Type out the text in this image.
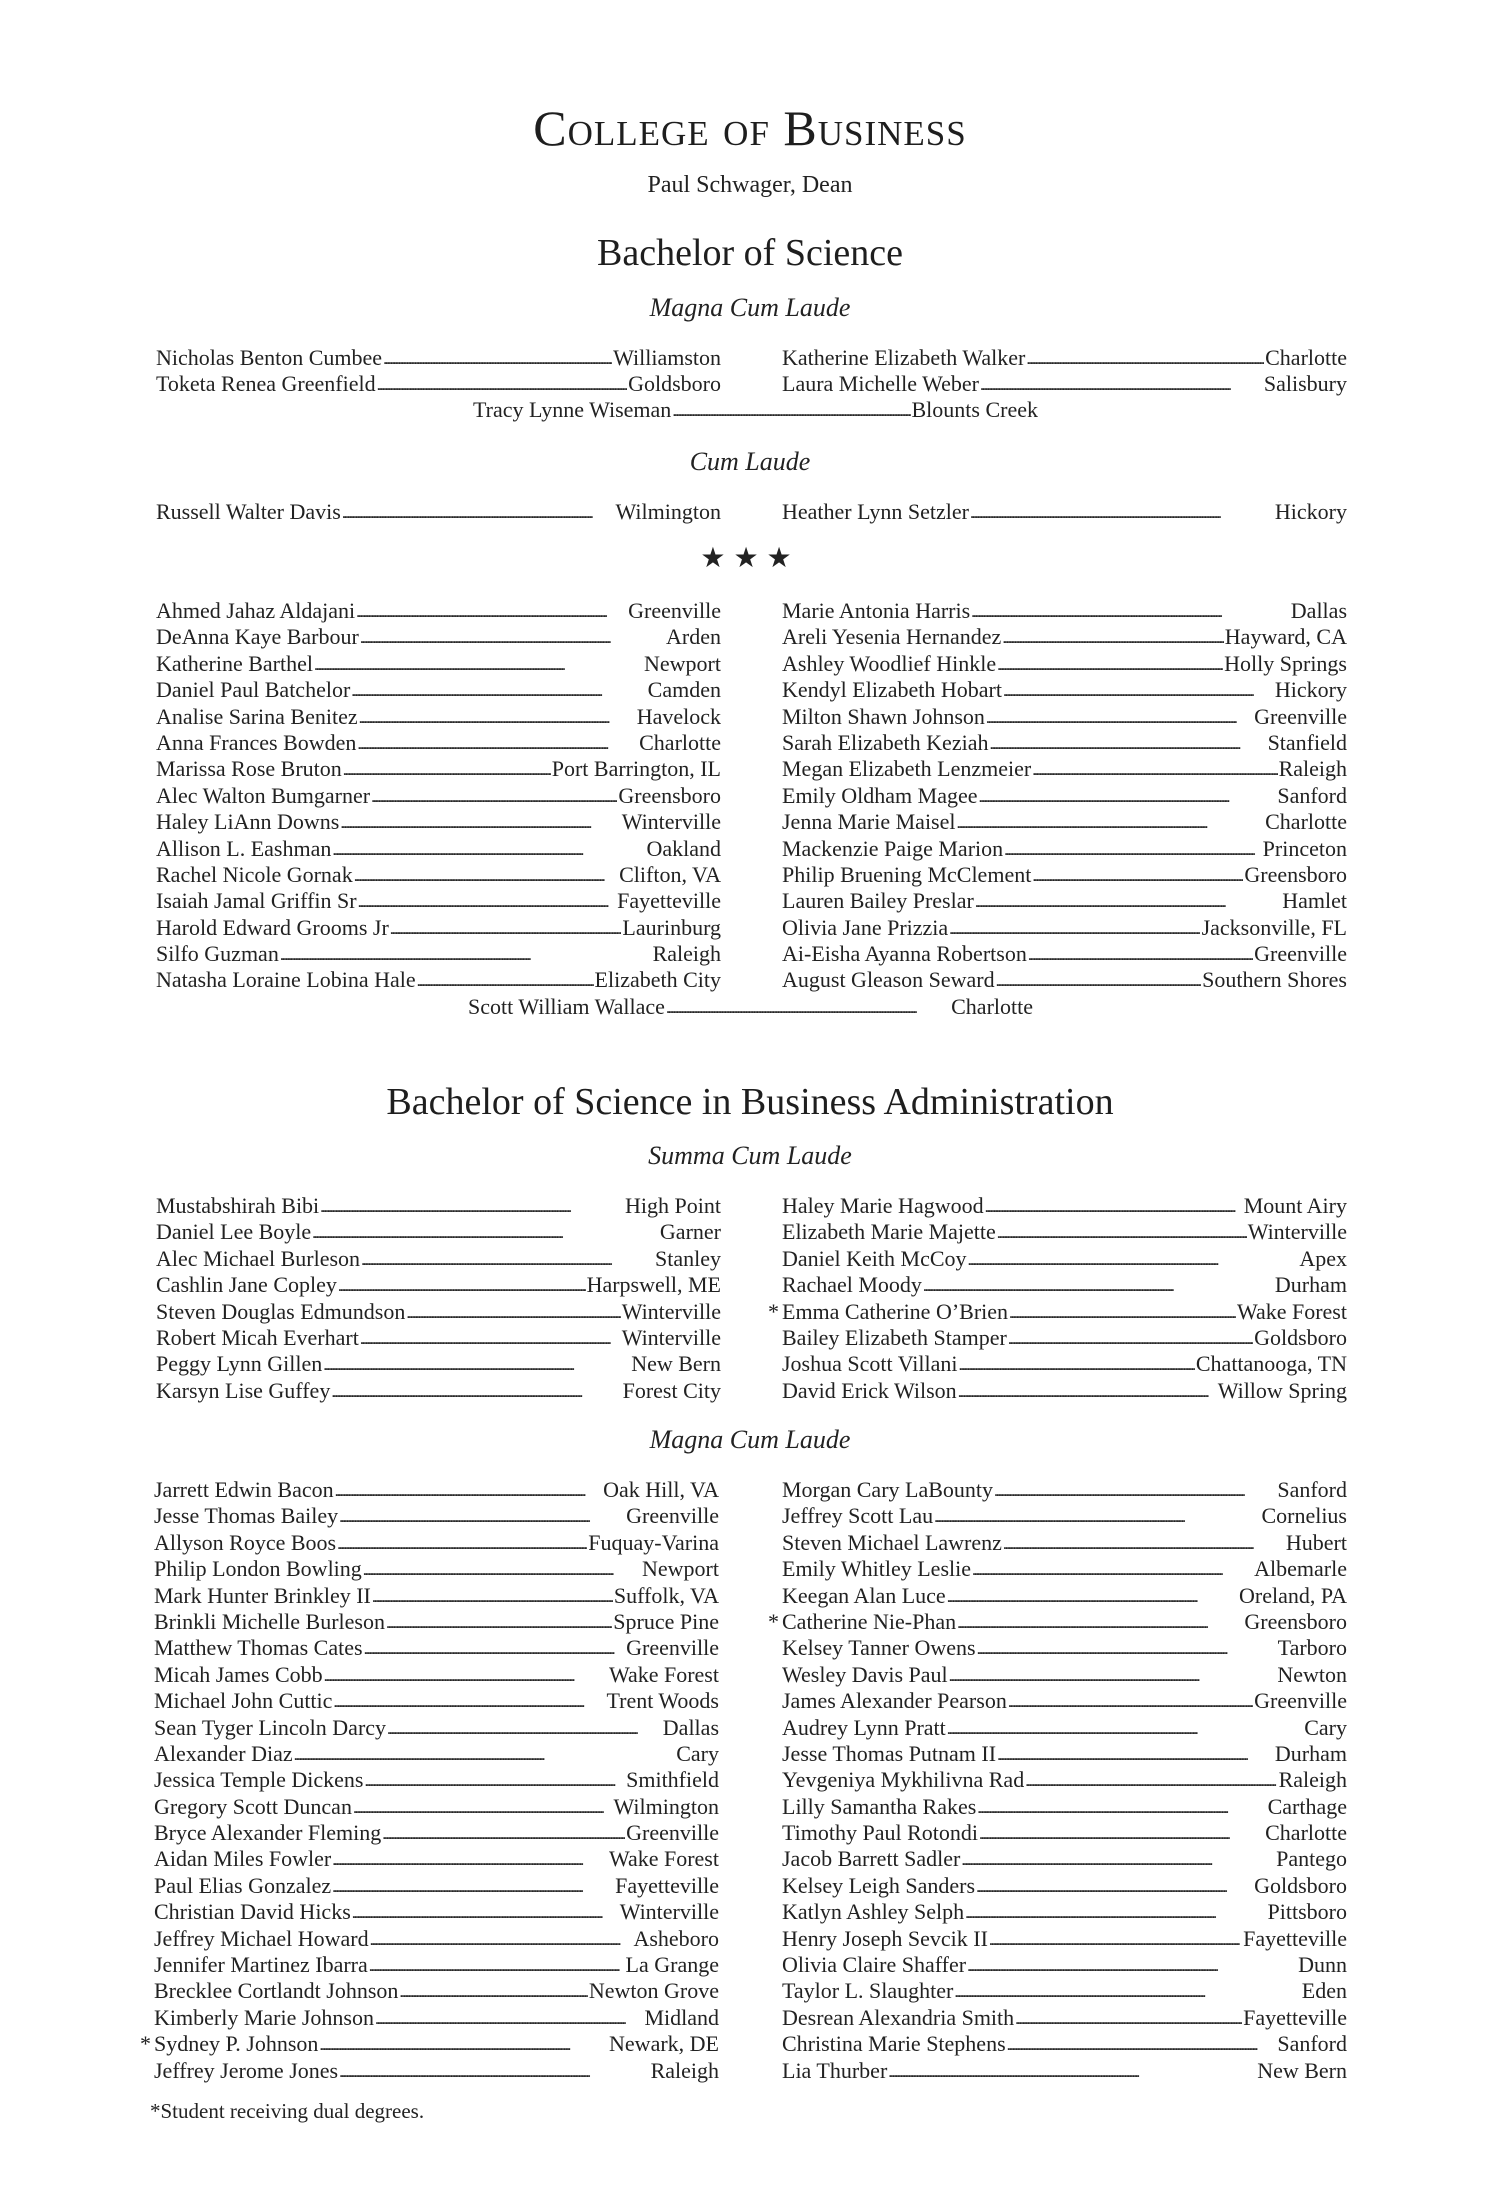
College of Business
Paul Schwager, Dean
Bachelor of Science
Magna Cum Laude
Nicholas Benton Cumbee . . .	Williamston
Toketa Renea Greenfield . . .	Goldsboro
Katherine Elizabeth Walker . . .	Charlotte
Laura Michelle Weber . . .	Salisbury
Tracy Lynne Wiseman . . .	Blounts Creek
Cum Laude
Russell Walter Davis . . .	Wilmington	Heather Lynn Setzler . . .	Hickory
★★★
Ahmed Jahaz Aldajani . . .	Greenville
DeAnna Kaye Barbour . . .	Arden
Katherine Barthel . . .	Newport
Daniel Paul Batchelor . . .	Camden
Analise Sarina Benitez . . .	Havelock
Anna Frances Bowden . . .	Charlotte
Marissa Rose Bruton . . .	Port Barrington, IL
Alec Walton Bumgarner . . .	Greensboro
Haley LiAnn Downs . . .	Winterville
Allison L. Eashman . . .	Oakland
Rachel Nicole Gornak . . .	Clifton, VA
Isaiah Jamal Griffin Sr . . .	Fayetteville
Harold Edward Grooms Jr . . .	Laurinburg
Silfo Guzman . . .	Raleigh
Natasha Loraine Lobina Hale . . .	Elizabeth City
Marie Antonia Harris . . .	Dallas
Areli Yesenia Hernandez . . .	Hayward, CA
Ashley Woodlief Hinkle . . .	Holly Springs
Kendyl Elizabeth Hobart . . .	Hickory
Milton Shawn Johnson . . .	Greenville
Sarah Elizabeth Keziah . . .	Stanfield
Megan Elizabeth Lenzmeier . . .	Raleigh
Emily Oldham Magee . . .	Sanford
Jenna Marie Maisel . . .	Charlotte
Mackenzie Paige Marion . . .	Princeton
Philip Bruening McClement . . .	Greensboro
Lauren Bailey Preslar . . .	Hamlet
Olivia Jane Prizzia . . .	Jacksonville, FL
Ai-Eisha Ayanna Robertson . . .	Greenville
August Gleason Seward . . .	Southern Shores
Scott William Wallace . . .	Charlotte
Bachelor of Science in Business Administration
Summa Cum Laude
Mustabshirah Bibi . . .	High Point
Daniel Lee Boyle . . .	Garner
Alec Michael Burleson . . .	Stanley
Cashlin Jane Copley . . .	Harpswell, ME
Steven Douglas Edmundson . . .	Winterville
Robert Micah Everhart . . .	Winterville
Peggy Lynn Gillen . . .	New Bern
Karsyn Lise Guffey . . .	Forest City
Haley Marie Hagwood . . .	Mount Airy
Elizabeth Marie Majette . . .	Winterville
Daniel Keith McCoy . . .	Apex
Rachael Moody . . .	Durham
* Emma Catherine O’Brien . . .	Wake Forest
Bailey Elizabeth Stamper . . .	Goldsboro
Joshua Scott Villani . . .	Chattanooga, TN
David Erick Wilson . . .	Willow Spring
Magna Cum Laude
Jarrett Edwin Bacon . . .	Oak Hill, VA
Jesse Thomas Bailey . . .	Greenville
Allyson Royce Boos . . .	Fuquay-Varina
Philip London Bowling . . .	Newport
Mark Hunter Brinkley II . . .	Suffolk, VA
Brinkli Michelle Burleson . . .	Spruce Pine
Matthew Thomas Cates . . .	Greenville
Micah James Cobb . . .	Wake Forest
Michael John Cuttic . . .	Trent Woods
Sean Tyger Lincoln Darcy . . .	Dallas
Alexander Diaz . . .	Cary
Jessica Temple Dickens . . .	Smithfield
Gregory Scott Duncan . . .	Wilmington
Bryce Alexander Fleming . . .	Greenville
Aidan Miles Fowler . . .	Wake Forest
Paul Elias Gonzalez . . .	Fayetteville
Christian David Hicks . . .	Winterville
Jeffrey Michael Howard . . .	Asheboro
Jennifer Martinez Ibarra . . .	La Grange
Brecklee Cortlandt Johnson . . .	Newton Grove
Kimberly Marie Johnson . . .	Midland
* Sydney P. Johnson . . .	Newark, DE
Jeffrey Jerome Jones . . .	Raleigh
Morgan Cary LaBounty . . .	Sanford
Jeffrey Scott Lau . . .	Cornelius
Steven Michael Lawrenz . . .	Hubert
Emily Whitley Leslie . . .	Albemarle
Keegan Alan Luce . . .	Oreland, PA
* Catherine Nie-Phan . . .	Greensboro
Kelsey Tanner Owens . . .	Tarboro
Wesley Davis Paul . . .	Newton
James Alexander Pearson . . .	Greenville
Audrey Lynn Pratt . . .	Cary
Jesse Thomas Putnam II . . .	Durham
Yevgeniya Mykhilivna Rad . . .	Raleigh
Lilly Samantha Rakes . . .	Carthage
Timothy Paul Rotondi . . .	Charlotte
Jacob Barrett Sadler . . .	Pantego
Kelsey Leigh Sanders . . .	Goldsboro
Katlyn Ashley Selph . . .	Pittsboro
Henry Joseph Sevcik II . . .	Fayetteville
Olivia Claire Shaffer . . .	Dunn
Taylor L. Slaughter . . .	Eden
Desrean Alexandria Smith . . .	Fayetteville
Christina Marie Stephens . . .	Sanford
Lia Thurber . . .	New Bern
*Student receiving dual degrees.
